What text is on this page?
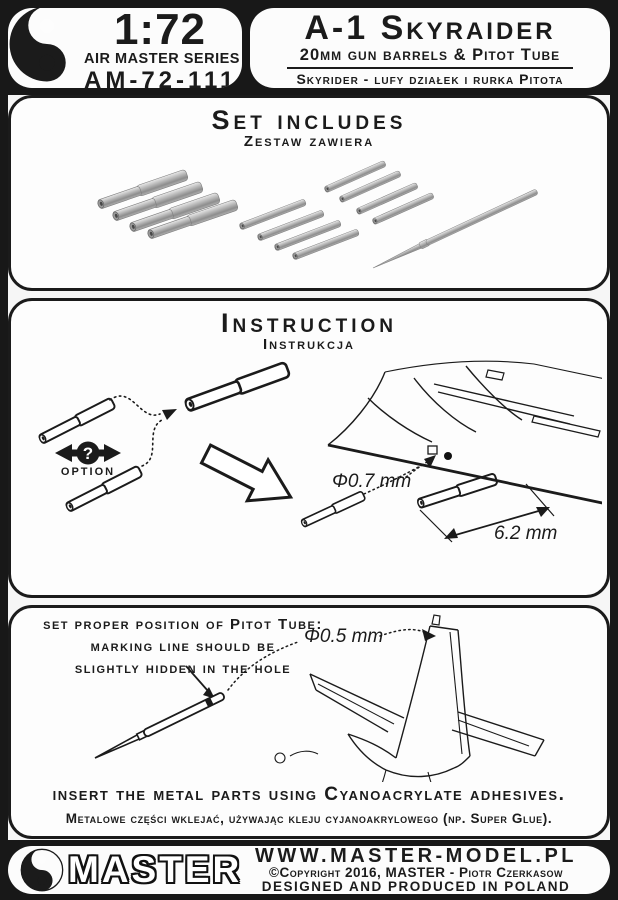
1:72
AIR MASTER SERIES
AM-72-111
A-1 Skyraider
20mm gun barrels & Pitot Tube
Skyrider - lufy działek i rurka Pitota
Set includes
Zestaw zawiera
Instruction
Instrukcja
?
OPTION	Φ0.7 mm
6.2 mm
set proper position of Pitot Tube:
marking line should be
slightly hidden in the hole
Φ0.5 mm
insert the metal parts using Cyanoacrylate adhesives.
Metalowe części wklejać, używając kleju cyjanoakrylowego (np. Super Glue).
MASTER WWW.MASTER-MODEL.PL
©Copyright 2016, MASTER - Piotr Czerkasow
DESIGNED AND PRODUCED IN POLAND
